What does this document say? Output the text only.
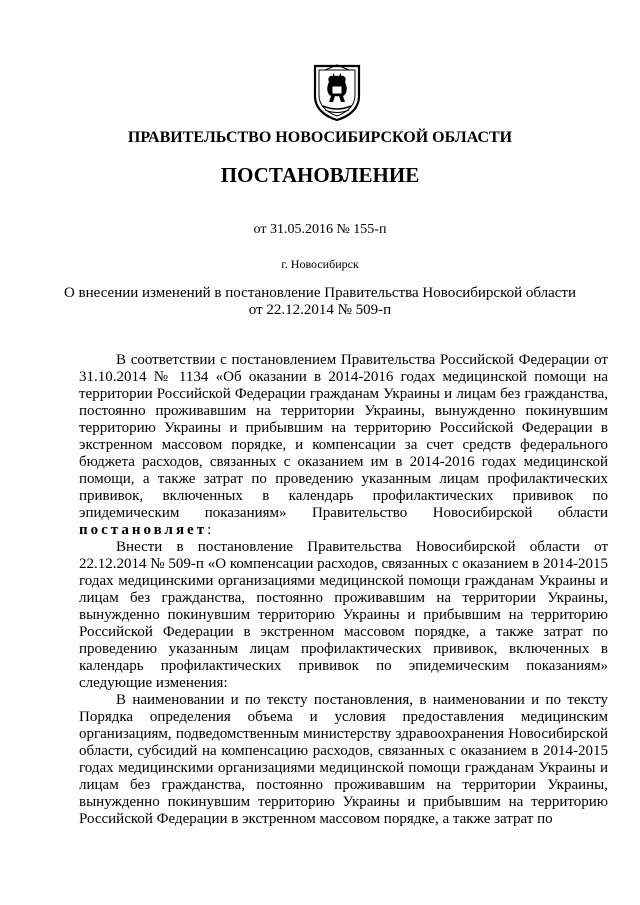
ПРАВИТЕЛЬСТВО НОВОСИБИРСКОЙ ОБЛАСТИ
ПОСТАНОВЛЕНИЕ
от 31.05.2016 № 155-п
г. Новосибирск
О внесении изменений в постановление Правительства Новосибирской области
от 22.12.2014 № 509-п

В соответствии с постановлением Правительства Российской Федерации от 31.10.2014 № 1134 «Об оказании в 2014-2016 годах медицинской помощи на территории Российской Федерации гражданам Украины и лицам без гражданства, постоянно проживавшим на территории Украины, вынужденно покинувшим территорию Украины и прибывшим на территорию Российской Федерации в экстренном массовом порядке, и компенсации за счет средств федерального бюджета расходов, связанных с оказанием им в 2014-2016 годах медицинской помощи, а также затрат по проведению указанным лицам профилактических прививок, включенных в календарь профилактических прививок по эпидемическим показаниям» Правительство Новосибирской области постановляет:

Внести в постановление Правительства Новосибирской области от 22.12.2014 № 509-п «О компенсации расходов, связанных с оказанием в 2014-2015 годах медицинскими организациями медицинской помощи гражданам Украины и лицам без гражданства, постоянно проживавшим на территории Украины, вынужденно покинувшим территорию Украины и прибывшим на территорию Российской Федерации в экстренном массовом порядке, а также затрат по проведению указанным лицам профилактических прививок, включенных в календарь профилактических прививок по эпидемическим показаниям» следующие изменения:

В наименовании и по тексту постановления, в наименовании и по тексту Порядка определения объема и условия предоставления медицинским организациям, подведомственным министерству здравоохранения Новосибирской области, субсидий на компенсацию расходов, связанных с оказанием в 2014-2015 годах медицинскими организациями медицинской помощи гражданам Украины и лицам без гражданства, постоянно проживавшим на территории Украины, вынужденно покинувшим территорию Украины и прибывшим на территорию Российской Федерации в экстренном массовом порядке, а также затрат по
